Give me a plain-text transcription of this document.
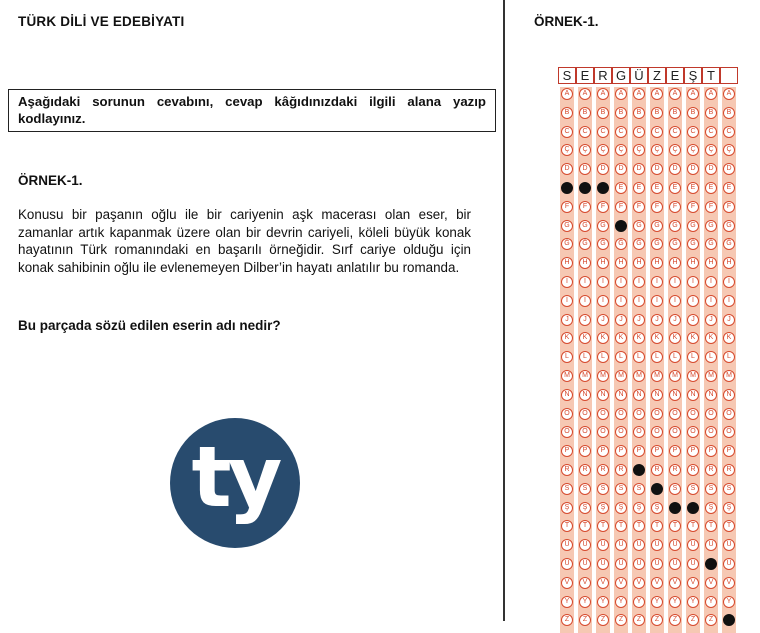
TÜRK DİLİ VE EDEBİYATI
Aşağıdaki sorunun cevabını, cevap kâğıdınızdaki ilgili alana yazıp kodlayınız.
ÖRNEK-1.
Konusu bir paşanın oğlu ile bir cariyenin aşk macerası olan eser, bir zamanlar artık kapanmak üzere olan bir devrin cariyeli, köleli büyük konak hayatının Türk romanındaki en başarılı örneğidir. Sırf cariye olduğu için konak sahibinin oğlu ile evlenemeyen Dilber’in hayatı anlatılır bu romanda.
Bu parçada sözü edilen eserin adı nedir?
ty
ÖRNEK-1.
S E R G Ü Z E Ş T
A
B
C
Ç
D
E
F
G
Ğ
H
I
İ
J
K
L
M
N
O
Ö
P
R
S
Ş
T
U
Ü
V
Y
Z
A
B
C
Ç
D
E
F
G
Ğ
H
I
İ
J
K
L
M
N
O
Ö
P
R
S
Ş
T
U
Ü
V
Y
Z
A
B
C
Ç
D
E
F
G
Ğ
H
I
İ
J
K
L
M
N
O
Ö
P
R
S
Ş
T
U
Ü
V
Y
Z
A
B
C
Ç
D
E
F
G
Ğ
H
I
İ
J
K
L
M
N
O
Ö
P
R
S
Ş
T
U
Ü
V
Y
Z
A
B
C
Ç
D
E
F
G
Ğ
H
I
İ
J
K
L
M
N
O
Ö
P
R
S
Ş
T
U
Ü
V
Y
Z
A
B
C
Ç
D
E
F
G
Ğ
H
I
İ
J
K
L
M
N
O
Ö
P
R
S
Ş
T
U
Ü
V
Y
Z
A
B
C
Ç
D
E
F
G
Ğ
H
I
İ
J
K
L
M
N
O
Ö
P
R
S
Ş
T
U
Ü
V
Y
Z
A
B
C
Ç
D
E
F
G
Ğ
H
I
İ
J
K
L
M
N
O
Ö
P
R
S
Ş
T
U
Ü
V
Y
Z
A
B
C
Ç
D
E
F
G
Ğ
H
I
İ
J
K
L
M
N
O
Ö
P
R
S
Ş
T
U
Ü
V
Y
Z
A
B
C
Ç
D
E
F
G
Ğ
H
I
İ
J
K
L
M
N
O
Ö
P
R
S
Ş
T
U
Ü
V
Y
Z
